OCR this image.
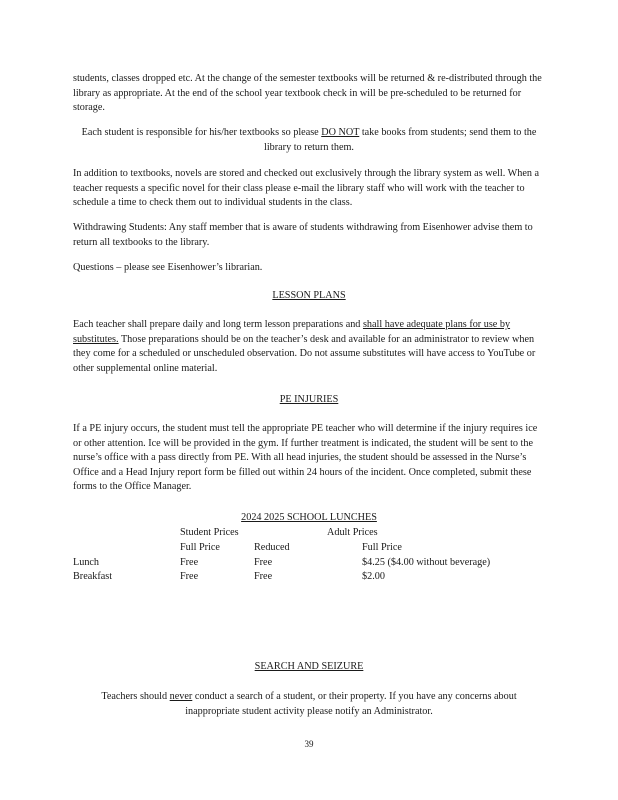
students, classes dropped etc. At the change of the semester textbooks will be returned & re-distributed through the library as appropriate. At the end of the school year textbook check in will be pre-scheduled to be returned for storage.

Each student is responsible for his/her textbooks so please DO NOT take books from students; send them to the library to return them.

In addition to textbooks, novels are stored and checked out exclusively through the library system as well. When a teacher requests a specific novel for their class please e-mail the library staff who will work with the teacher to schedule a time to check them out to individual students in the class.

Withdrawing Students: Any staff member that is aware of students withdrawing from Eisenhower advise them to return all textbooks to the library.

Questions – please see Eisenhower’s librarian.

LESSON PLANS

Each teacher shall prepare daily and long term lesson preparations and shall have adequate plans for use by substitutes. Those preparations should be on the teacher’s desk and available for an administrator to review when they come for a scheduled or unscheduled observation. Do not assume substitutes will have access to YouTube or other supplemental online material.

PE INJURIES

If a PE injury occurs, the student must tell the appropriate PE teacher who will determine if the injury requires ice or other attention. Ice will be provided in the gym. If further treatment is indicated, the student will be sent to the nurse’s office with a pass directly from PE. With all head injuries, the student should be assessed in the Nurse’s Office and a Head Injury report form be filled out within 24 hours of the incident. Once completed, submit these forms to the Office Manager.

2024 2025 SCHOOL LUNCHES

	Student Prices		Adult Prices	
	Full Price	Reduced		Full Price
Lunch	Free	Free		$4.25 ($4.00 without beverage)
Breakfast	Free	Free		$2.00

SEARCH AND SEIZURE

Teachers should never conduct a search of a student, or their property. If you have any concerns about inappropriate student activity please notify an Administrator.

39
